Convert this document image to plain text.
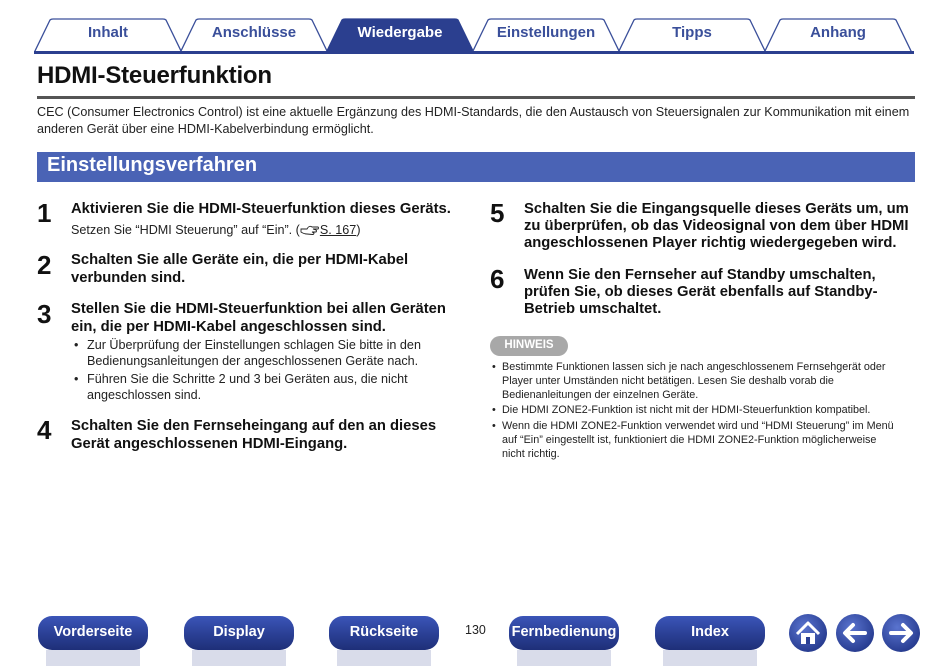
Inhalt	Anschlüsse	Wiedergabe	Einstellungen	Tipps	Anhang
HDMI-Steuerfunktion
CEC (Consumer Electronics Control) ist eine aktuelle Ergänzung des HDMI-Standards, die den Austausch von Steuersignalen zur Kommunikation mit einem anderen Gerät über eine HDMI-Kabelverbindung ermöglicht.
Einstellungsverfahren
1 Aktivieren Sie die HDMI-Steuerfunktion dieses Geräts.
Setzen Sie “HDMI Steuerung” auf “Ein”. ( S. 167)
2 Schalten Sie alle Geräte ein, die per HDMI-Kabel
verbunden sind.
3 Stellen Sie die HDMI-Steuerfunktion bei allen Geräten
ein, die per HDMI-Kabel angeschlossen sind.
• Zur Überprüfung der Einstellungen schlagen Sie bitte in den
Bedienungsanleitungen der angeschlossenen Geräte nach.
• Führen Sie die Schritte 2 und 3 bei Geräten aus, die nicht
angeschlossen sind.
4 Schalten Sie den Fernseheingang auf den an dieses
Gerät angeschlossenen HDMI-Eingang.
5 Schalten Sie die Eingangsquelle dieses Geräts um, um
zu überprüfen, ob das Videosignal von dem über HDMI
angeschlossenen Player richtig wiedergegeben wird.
6 Wenn Sie den Fernseher auf Standby umschalten,
prüfen Sie, ob dieses Gerät ebenfalls auf Standby-
Betrieb umschaltet.
HINWEIS
• Bestimmte Funktionen lassen sich je nach angeschlossenem Fernsehgerät oder
Player unter Umständen nicht betätigen. Lesen Sie deshalb vorab die
Bedienanleitungen der einzelnen Geräte.
• Die HDMI ZONE2-Funktion ist nicht mit der HDMI-Steuerfunktion kompatibel.
• Wenn die HDMI ZONE2-Funktion verwendet wird und “HDMI Steuerung” im Menü
auf “Ein” eingestellt ist, funktioniert die HDMI ZONE2-Funktion möglicherweise
nicht richtig.
Vorderseite	Display	Rückseite	130 Fernbedienung	Index
